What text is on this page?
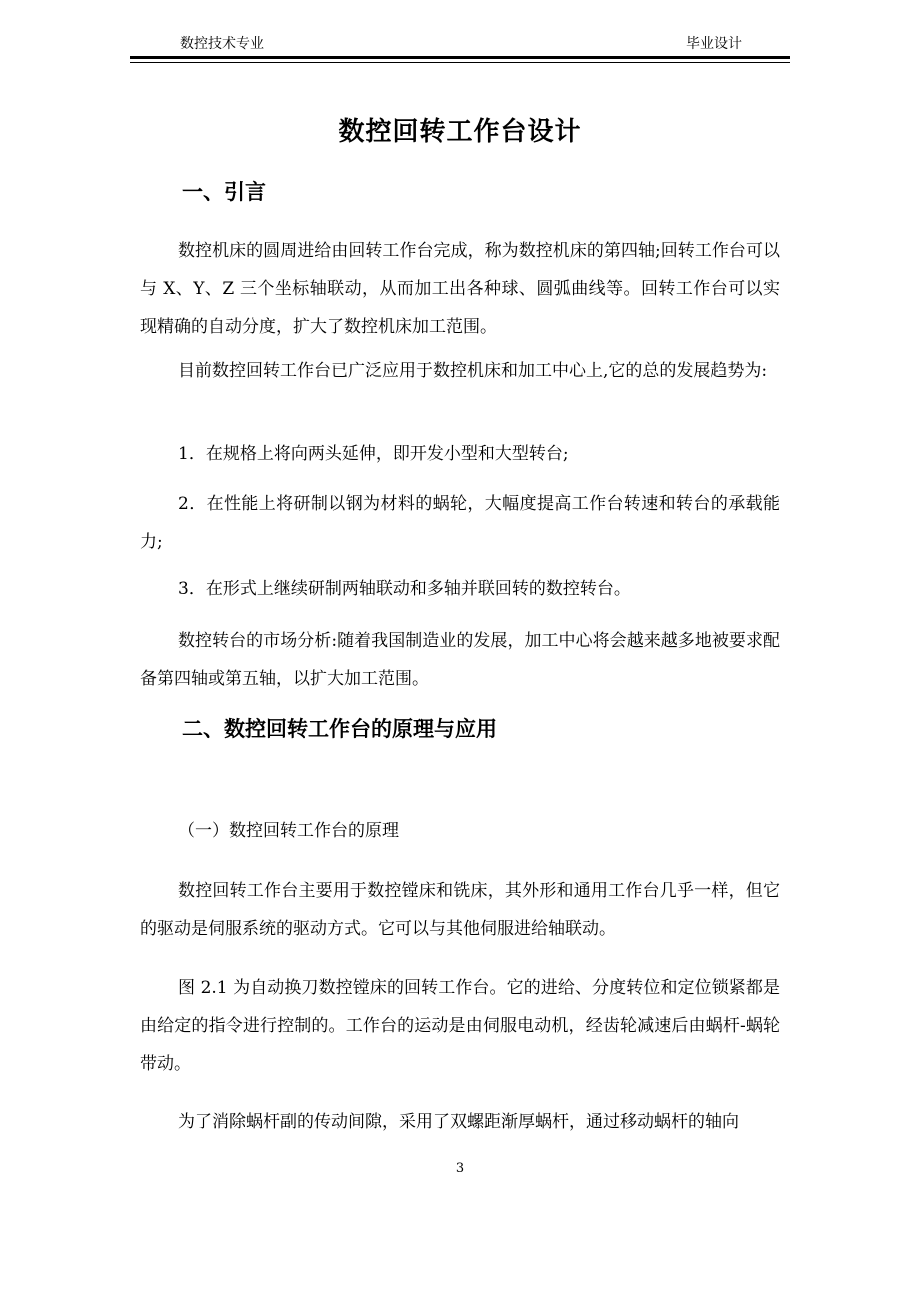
数控技术专业	毕业设计
数控回转工作台设计
一、引言
数控机床的圆周进给由回转工作台完成，称为数控机床的第四轴;回转工作台可以与 X、Y、Z 三个坐标轴联动，从而加工出各种球、圆弧曲线等。回转工作台可以实现精确的自动分度，扩大了数控机床加工范围。
目前数控回转工作台已广泛应用于数控机床和加工中心上,它的总的发展趋势为:
1．在规格上将向两头延伸，即开发小型和大型转台;
2．在性能上将研制以钢为材料的蜗轮，大幅度提高工作台转速和转台的承载能力;
3．在形式上继续研制两轴联动和多轴并联回转的数控转台。
数控转台的市场分析:随着我国制造业的发展，加工中心将会越来越多地被要求配备第四轴或第五轴，以扩大加工范围。
二、数控回转工作台的原理与应用
（一）数控回转工作台的原理
数控回转工作台主要用于数控镗床和铣床，其外形和通用工作台几乎一样，但它的驱动是伺服系统的驱动方式。它可以与其他伺服进给轴联动。
图 2.1 为自动换刀数控镗床的回转工作台。它的进给、分度转位和定位锁紧都是由给定的指令进行控制的。工作台的运动是由伺服电动机，经齿轮减速后由蜗杆-蜗轮带动。
为了消除蜗杆副的传动间隙，采用了双螺距渐厚蜗杆，通过移动蜗杆的轴向
3
